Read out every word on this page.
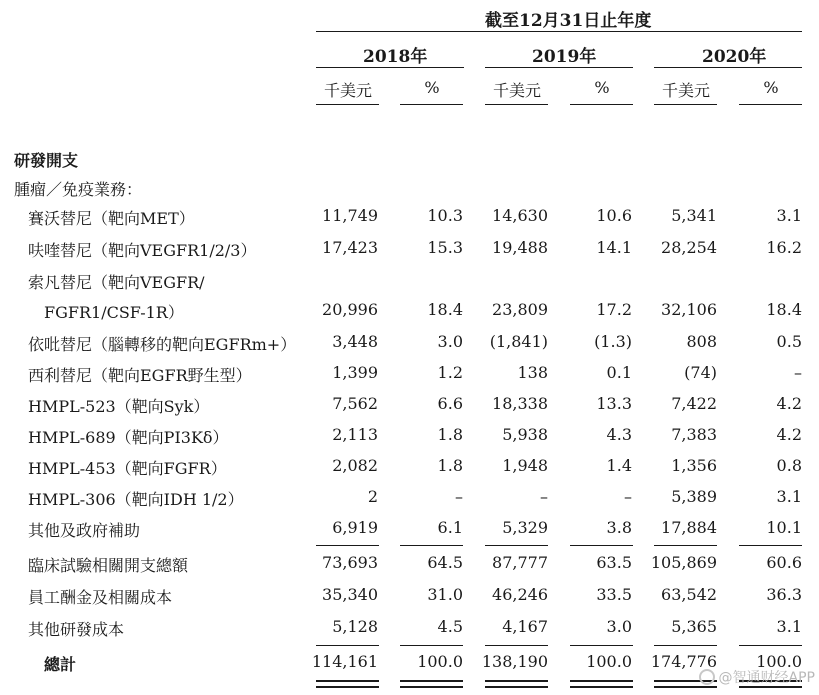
截至12月31日止年度
2018年	2019年	2020年
千美元	%	千美元	%	千美元	%
研發開支
腫瘤／免疫業務：
賽沃替尼（靶向MET）	11,749	10.3	14,630	10.6	5,341	3.1
呋喹替尼（靶向VEGFR1/2/3）	17,423	15.3	19,488	14.1	28,254	16.2
索凡替尼（靶向VEGFR/
FGFR1/CSF-1R）	20,996	18.4	23,809	17.2	32,106	18.4
依吡替尼（腦轉移的靶向EGFRm+）	3,448	3.0	(1,841)	(1.3)	808	0.5
西利替尼（靶向EGFR野生型）	1,399	1.2	138	0.1	(74)	–
HMPL-523（靶向Syk）	7,562	6.6	18,338	13.3	7,422	4.2
HMPL-689（靶向PI3Kδ）	2,113	1.8	5,938	4.3	7,383	4.2
HMPL-453（靶向FGFR）	2,082	1.8	1,948	1.4	1,356	0.8
HMPL-306（靶向IDH 1/2）	2	–	–	–	5,389	3.1
其他及政府補助	6,919	6.1	5,329	3.8	17,884	10.1
臨床試驗相關開支總額	73,693	64.5	87,777	63.5	105,869	60.6
員工酬金及相關成本	35,340	31.0	46,246	33.5	63,542	36.3
其他研發成本	5,128	4.5	4,167	3.0	5,365	3.1
總計	114,161	100.0	138,190	100.0	174,776	100.0
@智通财经APP
